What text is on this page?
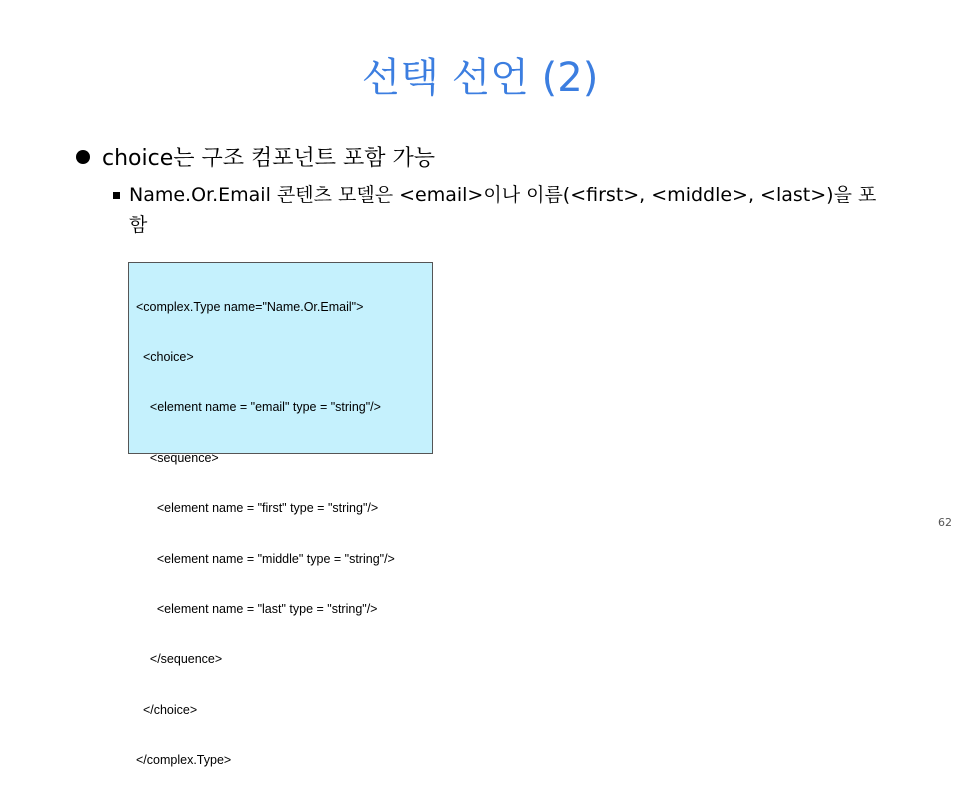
선택 선언 (2)
choice는 구조 컴포넌트 포함 가능
Name.Or.Email 콘텐츠 모델은 <email>이나 이름(<first>, <middle>, <last>)을 포함

<complex.Type name="Name.Or.Email">

<choice>

<element name = "email" type = "string"/>

<sequence>

<element name = "first" type = "string"/>

<element name = "middle" type = "string"/>

<element name = "last" type = "string"/>

</sequence>

</choice>

</complex.Type>

62
